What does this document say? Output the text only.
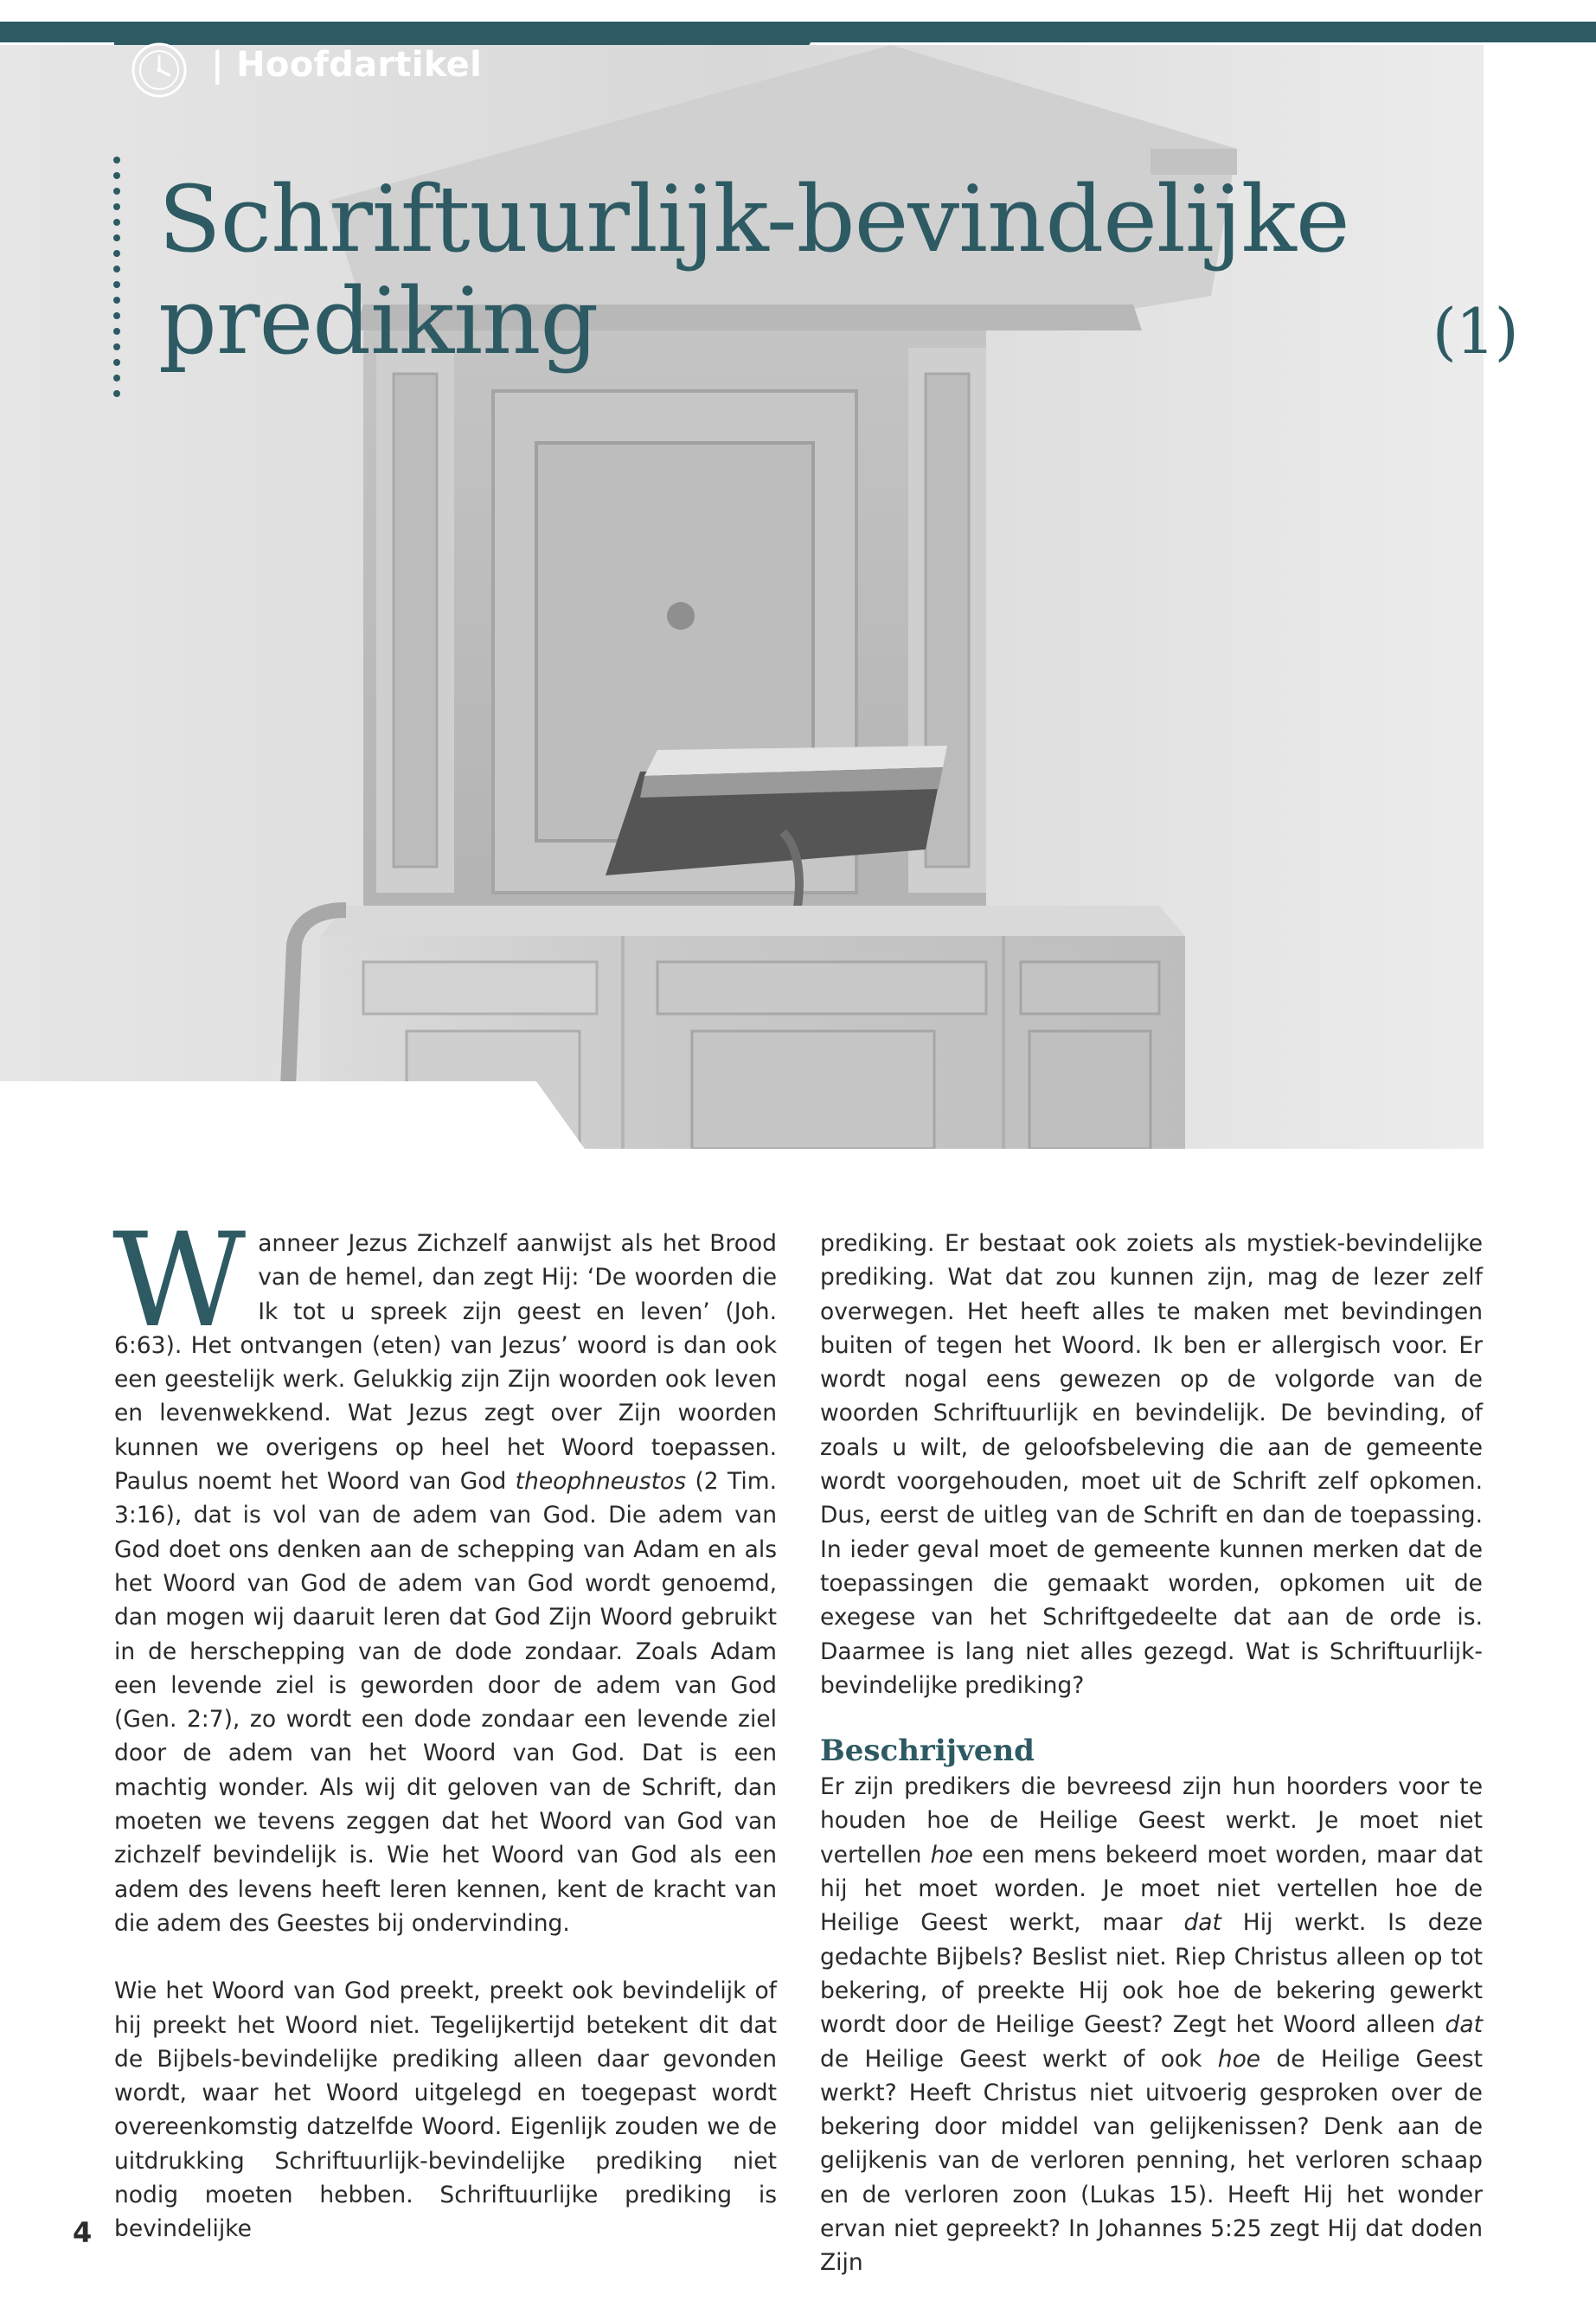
| Hoofdartikel
Schriftuurlijk-bevindelijke prediking	(1)

Wanneer Jezus Zichzelf aanwijst als het Brood van de hemel, dan zegt Hij: ‘De woorden die Ik tot u spreek zijn geest en leven’ (Joh. 6:63). Het ontvangen (eten) van Jezus’ woord is dan ook een geestelijk werk. Gelukkig zijn Zijn woorden ook leven en levenwekkend. Wat Jezus zegt over Zijn woorden kunnen we overigens op heel het Woord toepassen. Paulus noemt het Woord van God theophneustos (2 Tim. 3:16), dat is vol van de adem van God. Die adem van God doet ons denken aan de schepping van Adam en als het Woord van God de adem van God wordt genoemd, dan mogen wij daaruit leren dat God Zijn Woord gebruikt in de herschepping van de dode zondaar. Zoals Adam een levende ziel is geworden door de adem van God (Gen. 2:7), zo wordt een dode zondaar een levende ziel door de adem van het Woord van God. Dat is een machtig wonder. Als wij dit geloven van de Schrift, dan moeten we tevens zeggen dat het Woord van God van zichzelf bevindelijk is. Wie het Woord van God als een adem des levens heeft leren kennen, kent de kracht van die adem des Geestes bij ondervinding.

Wie het Woord van God preekt, preekt ook bevindelijk of hij preekt het Woord niet. Tegelijkertijd betekent dit dat de Bijbels-bevindelijke prediking alleen daar gevonden wordt, waar het Woord uitgelegd en toegepast wordt overeenkomstig datzelfde Woord. Eigenlijk zouden we de uitdrukking Schriftuurlijk-bevindelijke prediking niet nodig moeten hebben. Schriftuurlijke prediking is bevindelijke

prediking. Er bestaat ook zoiets als mystiek-bevindelijke prediking. Wat dat zou kunnen zijn, mag de lezer zelf overwegen. Het heeft alles te maken met bevindingen buiten of tegen het Woord. Ik ben er allergisch voor. Er wordt nogal eens gewezen op de volgorde van de woorden Schriftuurlijk en bevindelijk. De bevinding, of zoals u wilt, de geloofsbeleving die aan de gemeente wordt voorgehouden, moet uit de Schrift zelf opkomen. Dus, eerst de uitleg van de Schrift en dan de toepassing. In ieder geval moet de gemeente kunnen merken dat de toepassingen die gemaakt worden, opkomen uit de exegese van het Schriftgedeelte dat aan de orde is. Daarmee is lang niet alles gezegd. Wat is Schriftuurlijk-bevindelijke prediking?

Beschrijvend

Er zijn predikers die bevreesd zijn hun hoorders voor te houden hoe de Heilige Geest werkt. Je moet niet vertellen hoe een mens bekeerd moet worden, maar dat hij het moet worden. Je moet niet vertellen hoe de Heilige Geest werkt, maar dat Hij werkt. Is deze gedachte Bijbels? Beslist niet. Riep Christus alleen op tot bekering, of preekte Hij ook hoe de bekering gewerkt wordt door de Heilige Geest? Zegt het Woord alleen dat de Heilige Geest werkt of ook hoe de Heilige Geest werkt? Heeft Christus niet uitvoerig gesproken over de bekering door middel van gelijkenissen? Denk aan de gelijkenis van de verloren penning, het verloren schaap en de verloren zoon (Lukas 15). Heeft Hij het wonder ervan niet gepreekt? In Johannes 5:25 zegt Hij dat doden Zijn

4
